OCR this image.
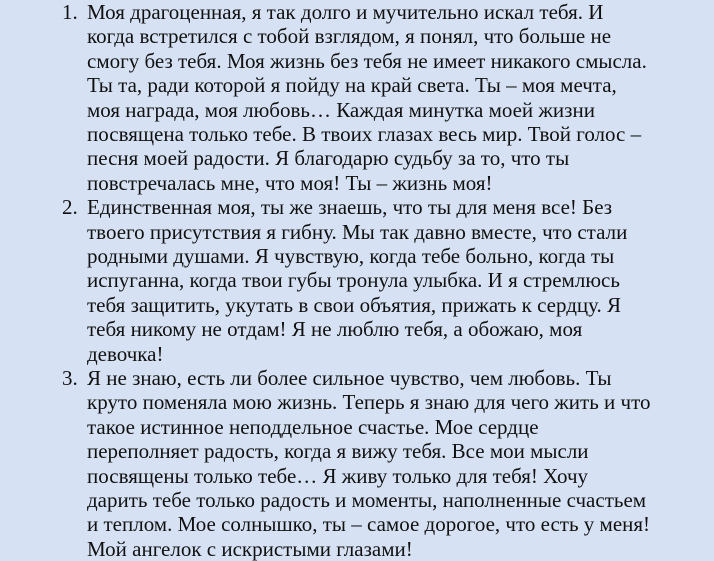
1. Моя драгоценная, я так долго и мучительно искал тебя. И
когда встретился с тобой взглядом, я понял, что больше не
смогу без тебя. Моя жизнь без тебя не имеет никакого смысла.
Ты та, ради которой я пойду на край света. Ты – моя мечта,
моя награда, моя любовь… Каждая минутка моей жизни
посвящена только тебе. В твоих глазах весь мир. Твой голос –
песня моей радости. Я благодарю судьбу за то, что ты
повстречалась мне, что моя! Ты – жизнь моя!
2. Единственная моя, ты же знаешь, что ты для меня все! Без
твоего присутствия я гибну. Мы так давно вместе, что стали
родными душами. Я чувствую, когда тебе больно, когда ты
испуганна, когда твои губы тронула улыбка. И я стремлюсь
тебя защитить, укутать в свои объятия, прижать к сердцу. Я
тебя никому не отдам! Я не люблю тебя, а обожаю, моя
девочка!
3. Я не знаю, есть ли более сильное чувство, чем любовь. Ты
круто поменяла мою жизнь. Теперь я знаю для чего жить и что
такое истинное неподдельное счастье. Мое сердце
переполняет радость, когда я вижу тебя. Все мои мысли
посвящены только тебе… Я живу только для тебя! Хочу
дарить тебе только радость и моменты, наполненные счастьем
и теплом. Мое солнышко, ты – самое дорогое, что есть у меня!
Мой ангелок с искристыми глазами!
